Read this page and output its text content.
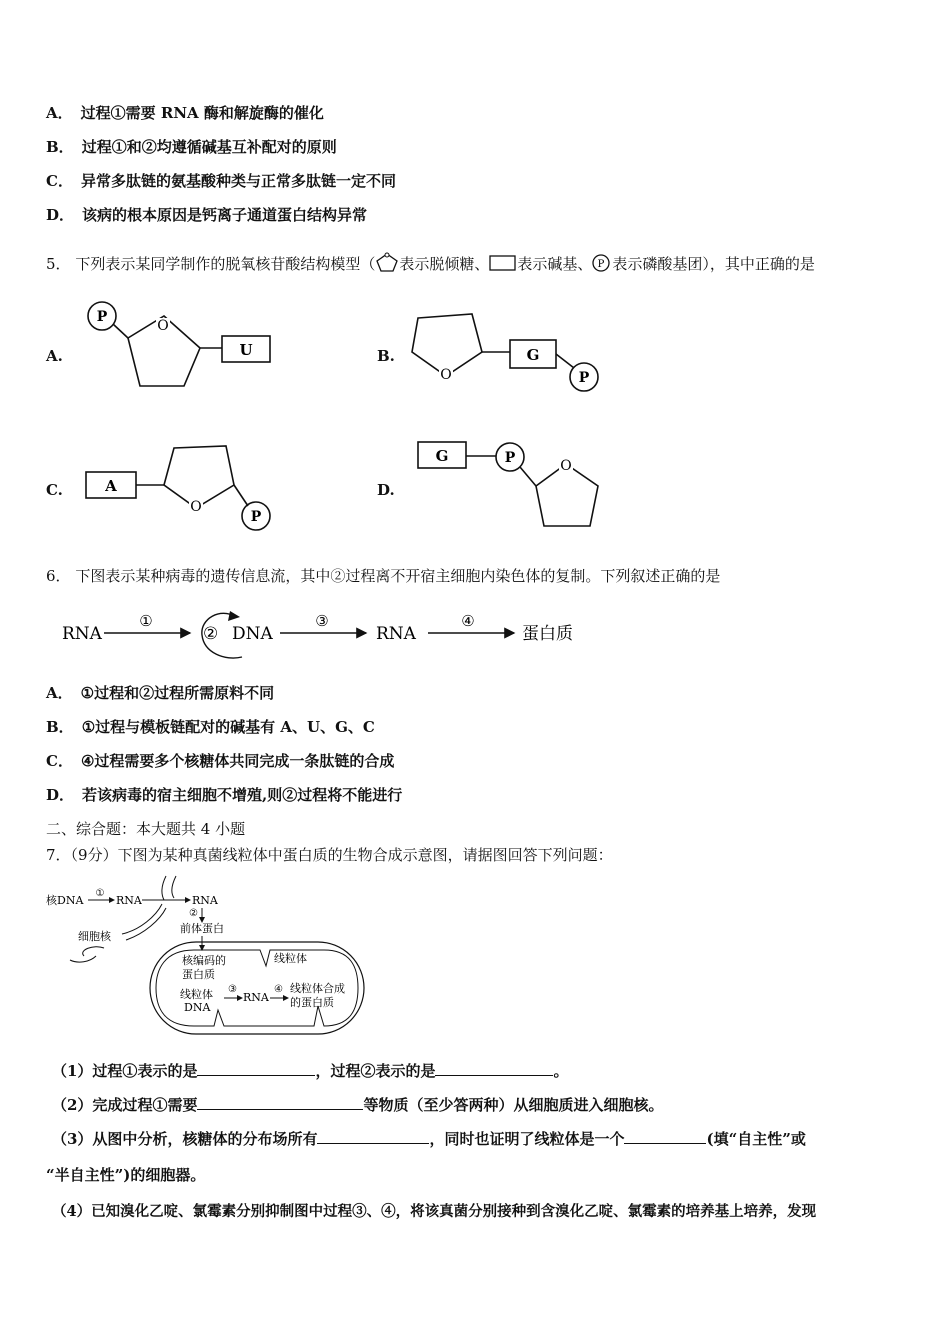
A． 过程①需要 RNA 酶和解旋酶的催化
B． 过程①和②均遵循碱基互补配对的原则
C． 异常多肽链的氨基酸种类与正常多肽链一定不同
D． 该病的根本原因是钙离子通道蛋白结构异常
5． 下列表示某同学制作的脱氧核苷酸结构模型（ 表示脱倾糖、 表示碱基、 P 表示磷酸基团），其中正确的是
A.
P
O
U	B.
O
G
P
C.	A
O
P
D.
G	P	O
6． 下图表示某种病毒的遗传信息流，其中②过程离不开宿主细胞内染色体的复制。下列叙述正确的是
RNA
①
② DNA
③
RNA
④
蛋白质
A． ①过程和②过程所需原料不同
B． ①过程与模板链配对的碱基有 A、U、G、C
C． ④过程需要多个核糖体共同完成一条肽链的合成
D． 若该病毒的宿主细胞不增殖,则②过程将不能进行
二、综合题：本大题共 4 小题
7．（9分）下图为某种真菌线粒体中蛋白质的生物合成示意图，请据图回答下列问题：
核DNA
①
RNA	RNA
细胞核
②
前体蛋白
线粒体
核编码的
蛋白质
线粒体
DNA
③
RNA
④ 线粒体合成
的蛋白质
（1）过程①表示的是	，过程②表示的是	。
（2）完成过程①需要	等物质（至少答两种）从细胞质进入细胞核。
（3）从图中分析，核糖体的分布场所有	，同时也证明了线粒体是一个	(填“自主性”或
“半自主性”)的细胞器。
（4）已知溴化乙啶、氯霉素分别抑制图中过程③、④，将该真菌分别接种到含溴化乙啶、氯霉素的培养基上培养，发现
